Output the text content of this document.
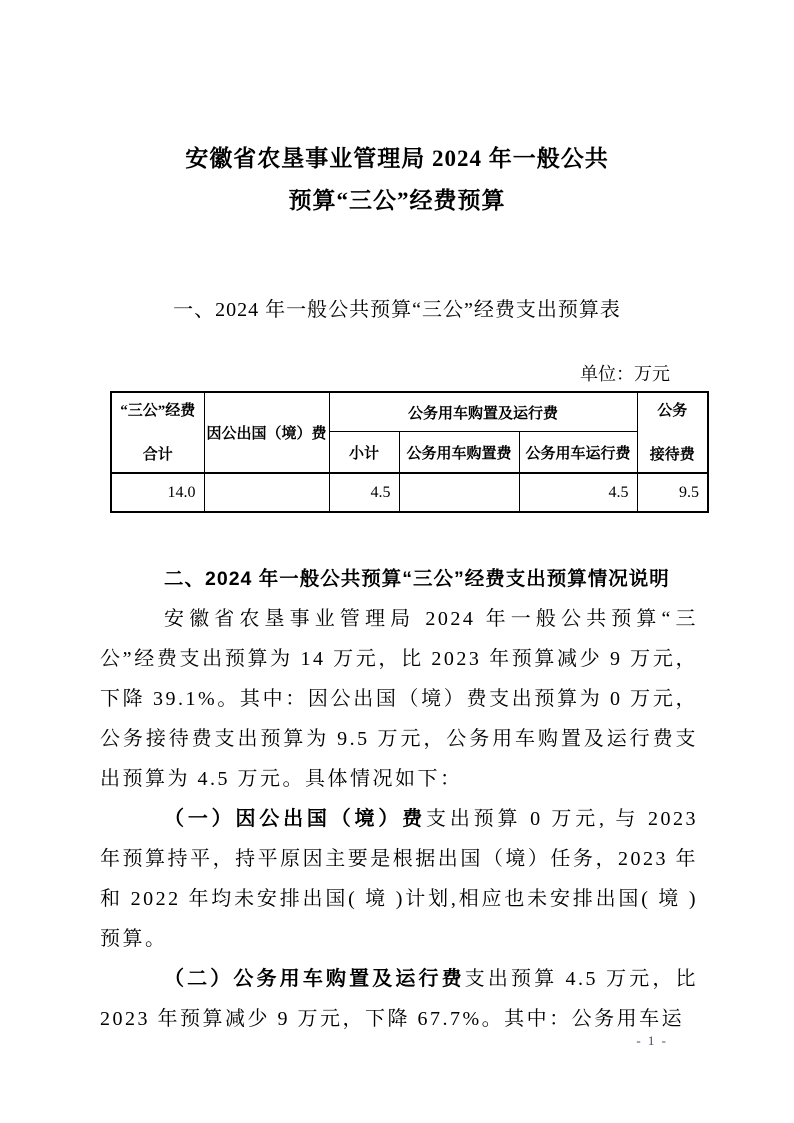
安徽省农垦事业管理局 2024 年一般公共
预算“三公”经费预算
一、2024 年一般公共预算“三公”经费支出预算表
单位：万元
“三公”经费
合计
	因公出国（境）费	公务用车购置及运行费	公务
接待费

		小计	公务用车购置费	公务用车运行费	
14.0		4.5		4.5	9.5
二、2024 年一般公共预算“三公”经费支出预算情况说明

安徽省农垦事业管理局 2024 年一般公共预算“三公”经费支出预算为 14 万元，比 2023 年预算减少 9 万元，下降 39.1%。其中：因公出国（境）费支出预算为 0 万元，公务接待费支出预算为 9.5 万元，公务用车购置及运行费支出预算为 4.5 万元。具体情况如下：

（一）因公出国（境）费支出预算 0 万元, 与 2023 年预算持平，持平原因主要是根据出国（境）任务，2023 年和 2022 年均未安排出国( 境 )计划,相应也未安排出国( 境 )预算。

（二）公务用车购置及运行费支出预算 4.5 万元，比 2023 年预算减少 9 万元，下降 67.7%。其中：公务用车运

- 1 -
